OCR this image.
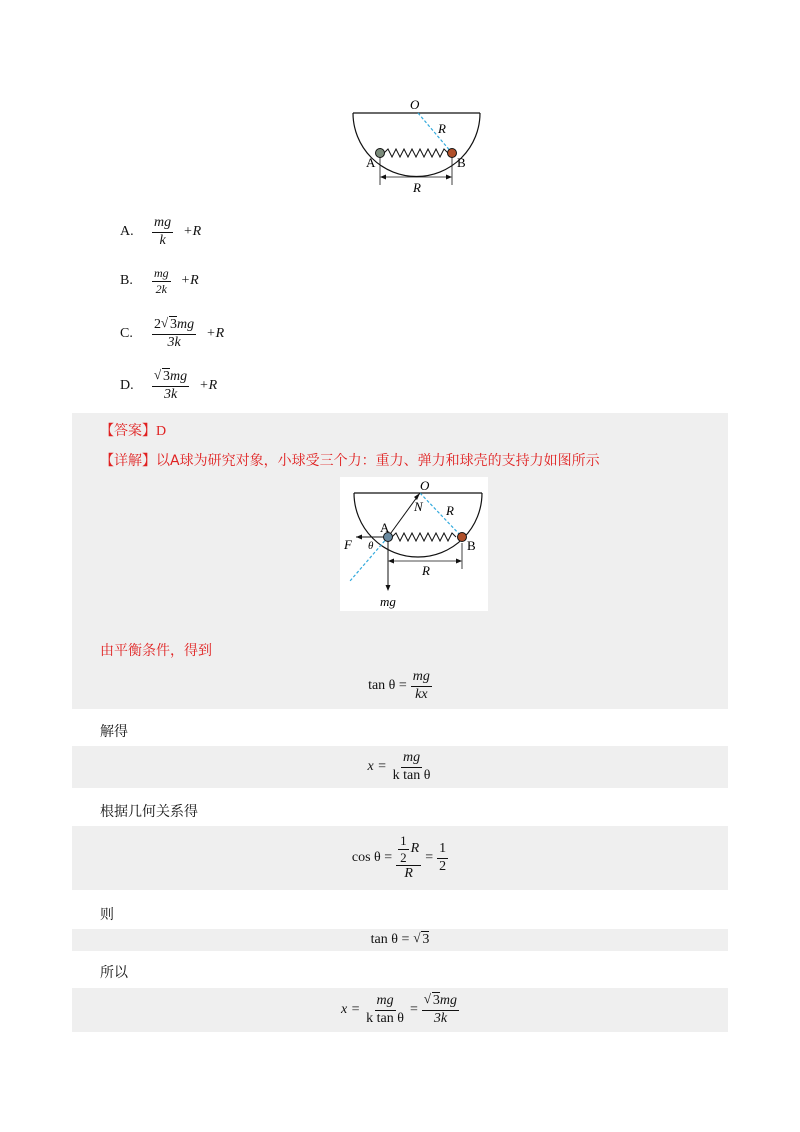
O
R
A	B
R
A.	$\frac{mg}{k} +R$
B.	$\frac{mg}{2k} +R$
C.	$\frac{2 √ 3mg}{3k} +R$
D.	$\frac{√ 3mg}{3k} +R$
【答案】D
【详解】以A球为研究对象，小球受三个力：重力、弹力和球壳的支持力如图所示
O
N R
F θ
A
B
R
mg
由平衡条件，得到
$\tan \theta = \frac{mg}{kx}$
解得
$x = \frac{mg}{\text{k tan θ}}$
根据几何关系得
$\cos \theta = \frac{\frac{1}{2} R}{R} = \frac{1}{2}$
则
tan θ = √ 3
所以
$x = \frac{mg}{\text{k tan θ}} = \frac{√ 3mg}{3k}$
